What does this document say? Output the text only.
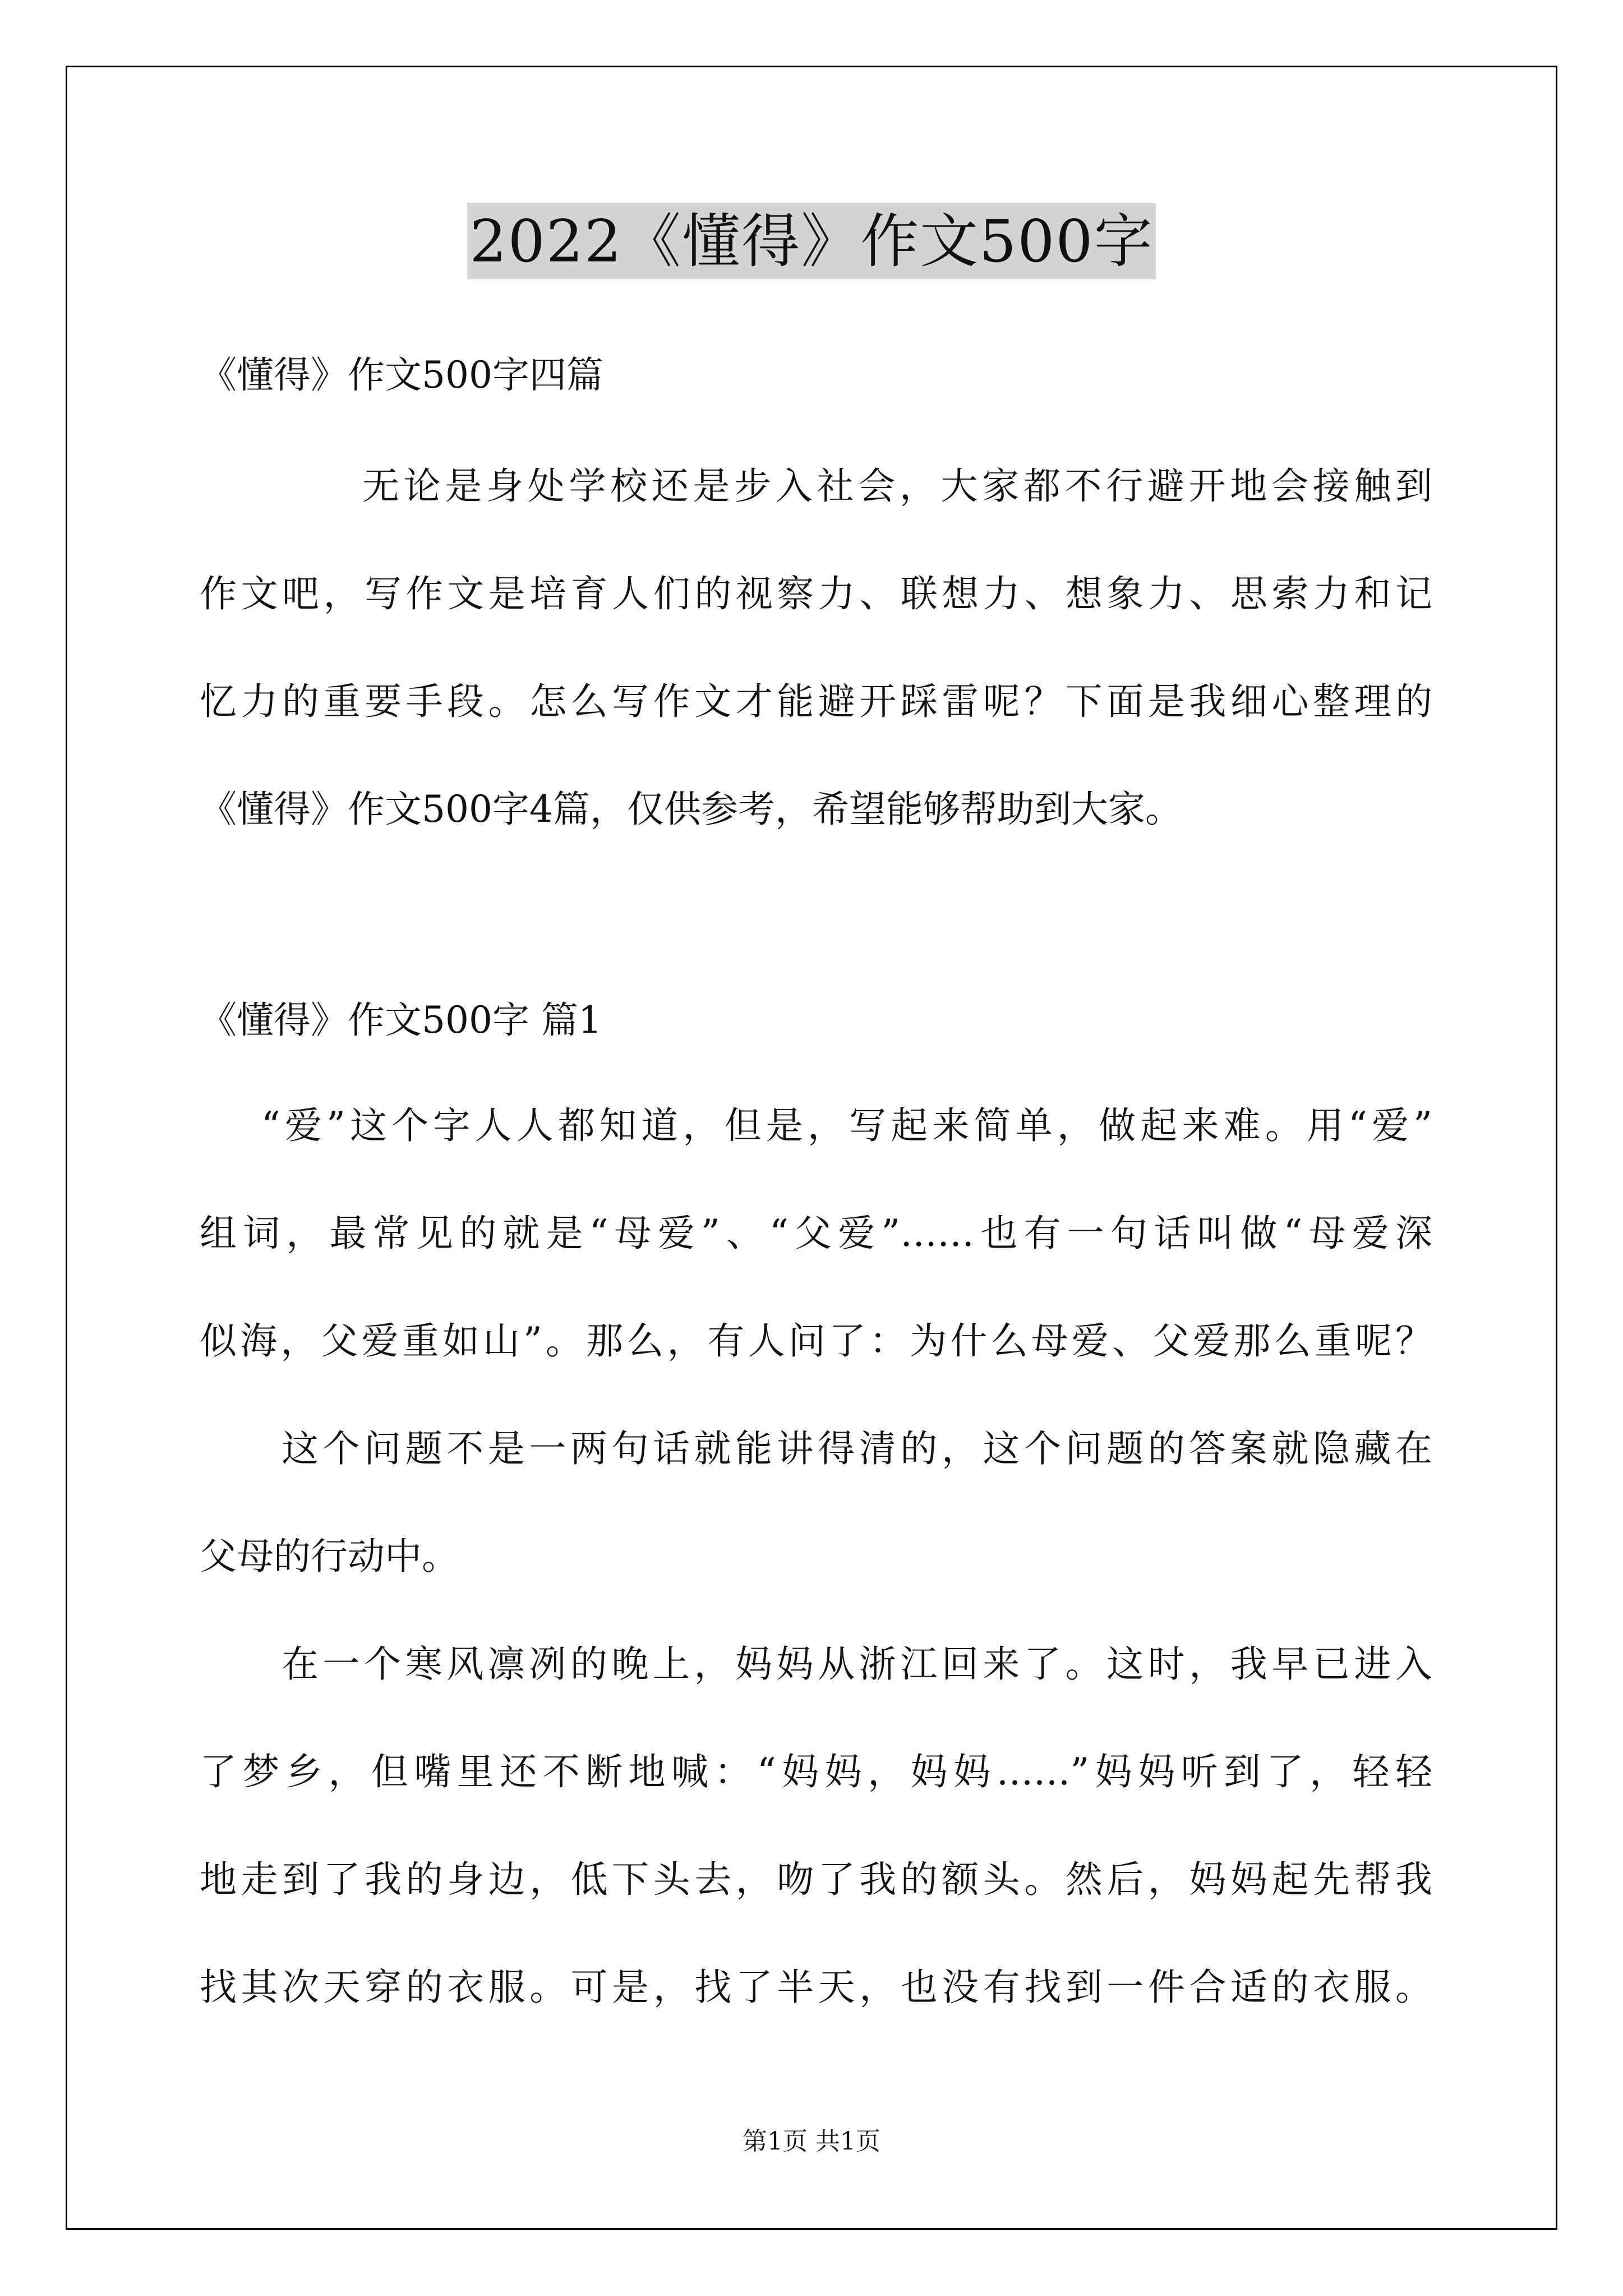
2022《懂得》作文500字
《懂得》作文500字四篇
无论是身处学校还是步入社会，大家都不行避开地会接触到
作文吧，写作文是培育人们的视察力、联想力、想象力、思索力和记
忆力的重要手段。怎么写作文才能避开踩雷呢？下面是我细心整理的
《懂得》作文500字4篇，仅供参考，希望能够帮助到大家。
《懂得》作文500字 篇1
“爱”这个字人人都知道，但是，写起来简单，做起来难。用“爱”
组词，最常见的就是“母爱”、“父爱”……也有一句话叫做“母爱深
似海，父爱重如山”。那么，有人问了：为什么母爱、父爱那么重呢？
这个问题不是一两句话就能讲得清的，这个问题的答案就隐藏在
父母的行动中。
在一个寒风凛冽的晚上，妈妈从浙江回来了。这时，我早已进入
了梦乡，但嘴里还不断地喊：“妈妈，妈妈……”妈妈听到了，轻轻
地走到了我的身边，低下头去，吻了我的额头。然后，妈妈起先帮我
找其次天穿的衣服。可是，找了半天，也没有找到一件合适的衣服。
第1页 共1页
